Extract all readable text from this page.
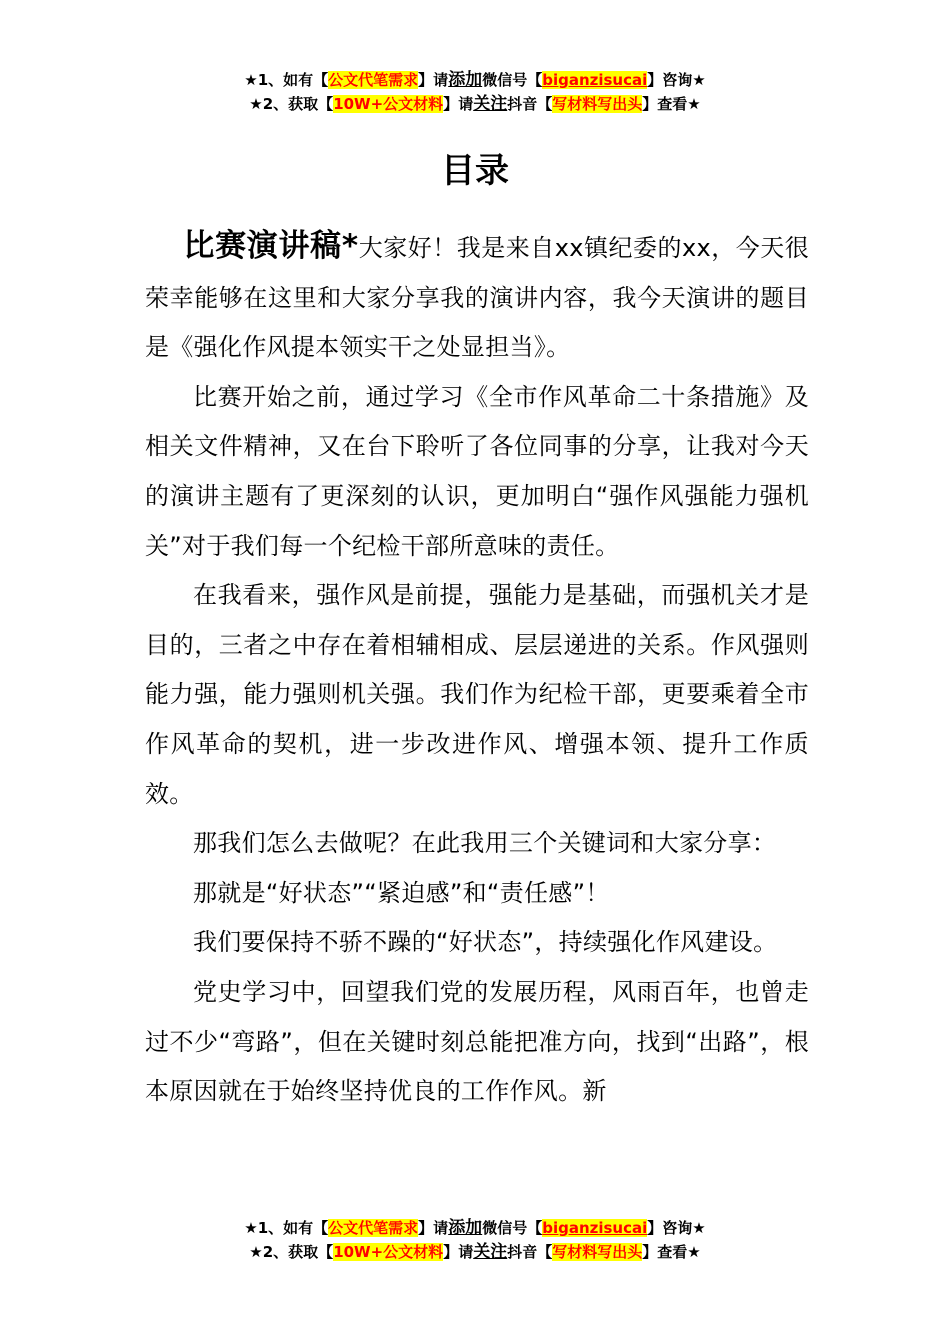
★1、如有【公文代笔需求】请添加微信号【biganzisucai】咨询★
★2、获取【10W+公文材料】请关注抖音【写材料写出头】查看★
目录

比赛演讲稿*大家好！我是来自xx镇纪委的xx，今天很荣幸能够在这里和大家分享我的演讲内容，我今天演讲的题目是《强化作风提本领实干之处显担当》。

比赛开始之前，通过学习《全市作风革命二十条措施》及相关文件精神，又在台下聆听了各位同事的分享，让我对今天的演讲主题有了更深刻的认识，更加明白“强作风强能力强机关”对于我们每一个纪检干部所意味的责任。

在我看来，强作风是前提，强能力是基础，而强机关才是目的，三者之中存在着相辅相成、层层递进的关系。作风强则能力强，能力强则机关强。我们作为纪检干部，更要乘着全市作风革命的契机，进一步改进作风、增强本领、提升工作质效。

那我们怎么去做呢？在此我用三个关键词和大家分享：

那就是“好状态”“紧迫感”和“责任感”！

我们要保持不骄不躁的“好状态”，持续强化作风建设。

党史学习中，回望我们党的发展历程，风雨百年，也曾走过不少“弯路”，但在关键时刻总能把准方向，找到“出路”，根本原因就在于始终坚持优良的工作作风。新

★1、如有【公文代笔需求】请添加微信号【biganzisucai】咨询★
★2、获取【10W+公文材料】请关注抖音【写材料写出头】查看★
